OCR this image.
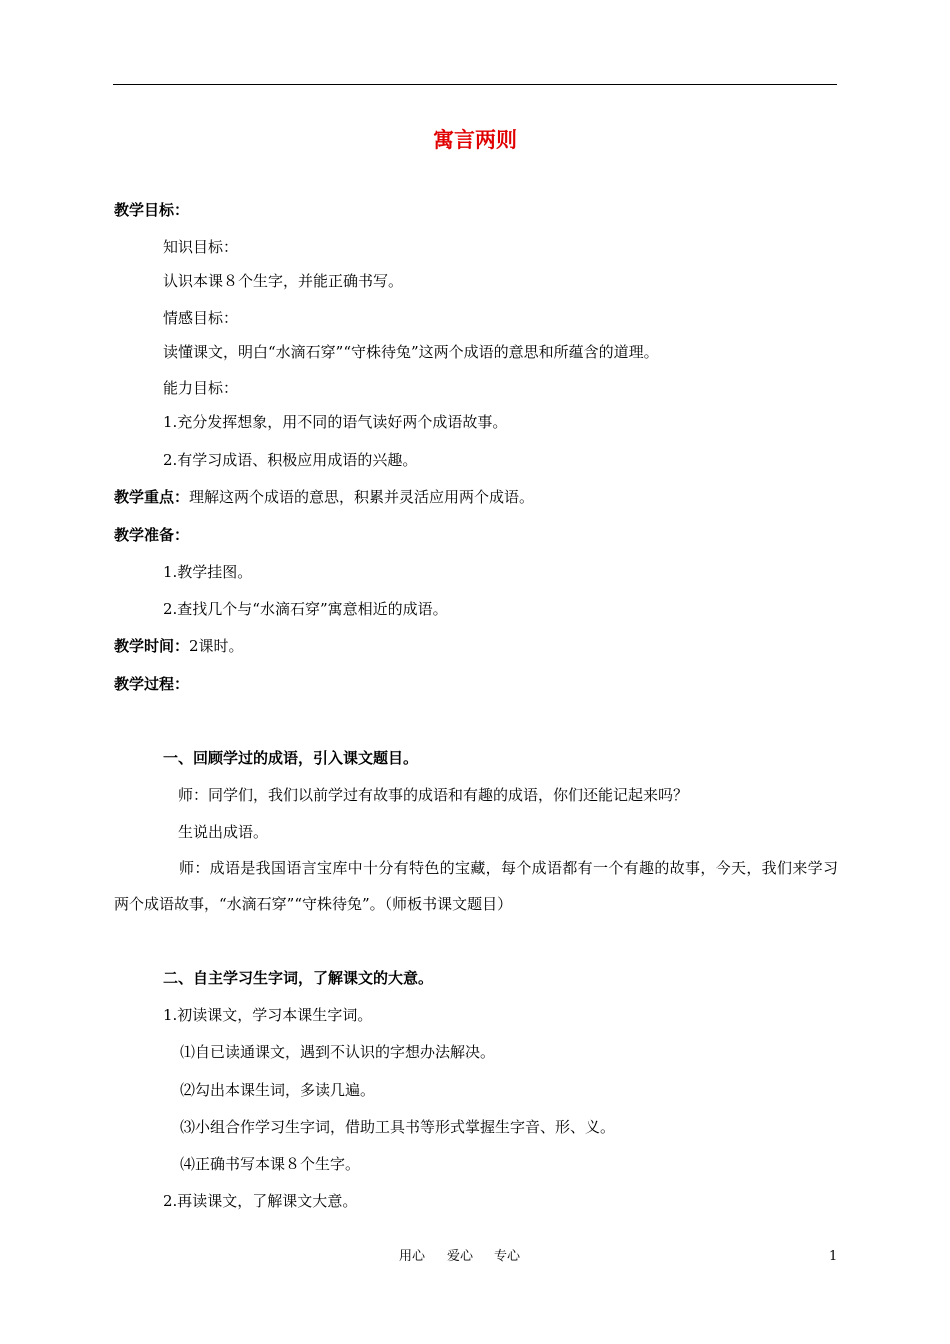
寓言两则
教学目标：
知识目标：
认识本课８个生字，并能正确书写。
情感目标：
读懂课文，明白“水滴石穿”“守株待兔”这两个成语的意思和所蕴含的道理。
能力目标：
1.充分发挥想象，用不同的语气读好两个成语故事。
2.有学习成语、积极应用成语的兴趣。
教学重点：理解这两个成语的意思，积累并灵活应用两个成语。
教学准备：
1.教学挂图。
2.查找几个与“水滴石穿”寓意相近的成语。
教学时间：2课时。
教学过程：
一、回顾学过的成语，引入课文题目。
师：同学们，我们以前学过有故事的成语和有趣的成语，你们还能记起来吗？
生说出成语。
师：成语是我国语言宝库中十分有特色的宝藏，每个成语都有一个有趣的故事，今天，我们来学习两个成语故事，“水滴石穿”“守株待兔”。（师板书课文题目）
二、自主学习生字词，了解课文的大意。
1.初读课文，学习本课生字词。
⑴自已读通课文，遇到不认识的字想办法解决。
⑵勾出本课生词，多读几遍。
⑶小组合作学习生字词，借助工具书等形式掌握生字音、形、义。
⑷正确书写本课８个生字。
2.再读课文，了解课文大意。
用心 爱心 专心	1
